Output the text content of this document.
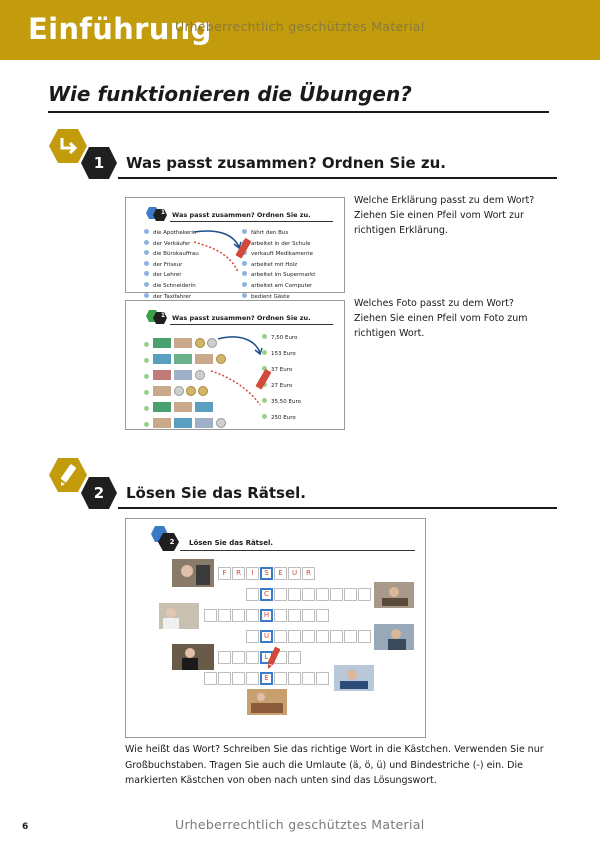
Einführung
Urheberrechtlich geschütztes Material
Wie funktionieren die Übungen?
1	Was passt zusammen? Ordnen Sie zu.
1	Was passt zusammen? Ordnen Sie zu.
die Apothekerin
der Verkäufer
die Bürokauffrau
der Friseur
der Lehrer
die Schneiderin
der Taxifahrer
fährt den Bus
arbeitet in der Schule
verkauft Medikamente
arbeitet mit Holz
arbeitet im Supermarkt
arbeitet am Computer
bedient Gäste
Welche Erklärung passt zu dem Wort? Ziehen Sie einen Pfeil vom Wort zur richtigen Erklärung.
1	Was passt zusammen? Ordnen Sie zu.
7,50 Euro
153 Euro
37 Euro
27 Euro
35,50 Euro
250 Euro
Welches Foto passt zu dem Wort? Ziehen Sie einen Pfeil vom Foto zum richtigen Wort.
2	Lösen Sie das Rätsel.
2	Lösen Sie das Rätsel.
F	R	I	S	E	U	R
C
H
U
L
E
Wie heißt das Wort? Schreiben Sie das richtige Wort in die Kästchen. Verwenden Sie nur Großbuchstaben. Tragen Sie auch die Umlaute (ä, ö, ü) und Bindestriche (-) ein. Die markierten Kästchen von oben nach unten sind das Lösungswort.
6	Urheberrechtlich geschütztes Material
